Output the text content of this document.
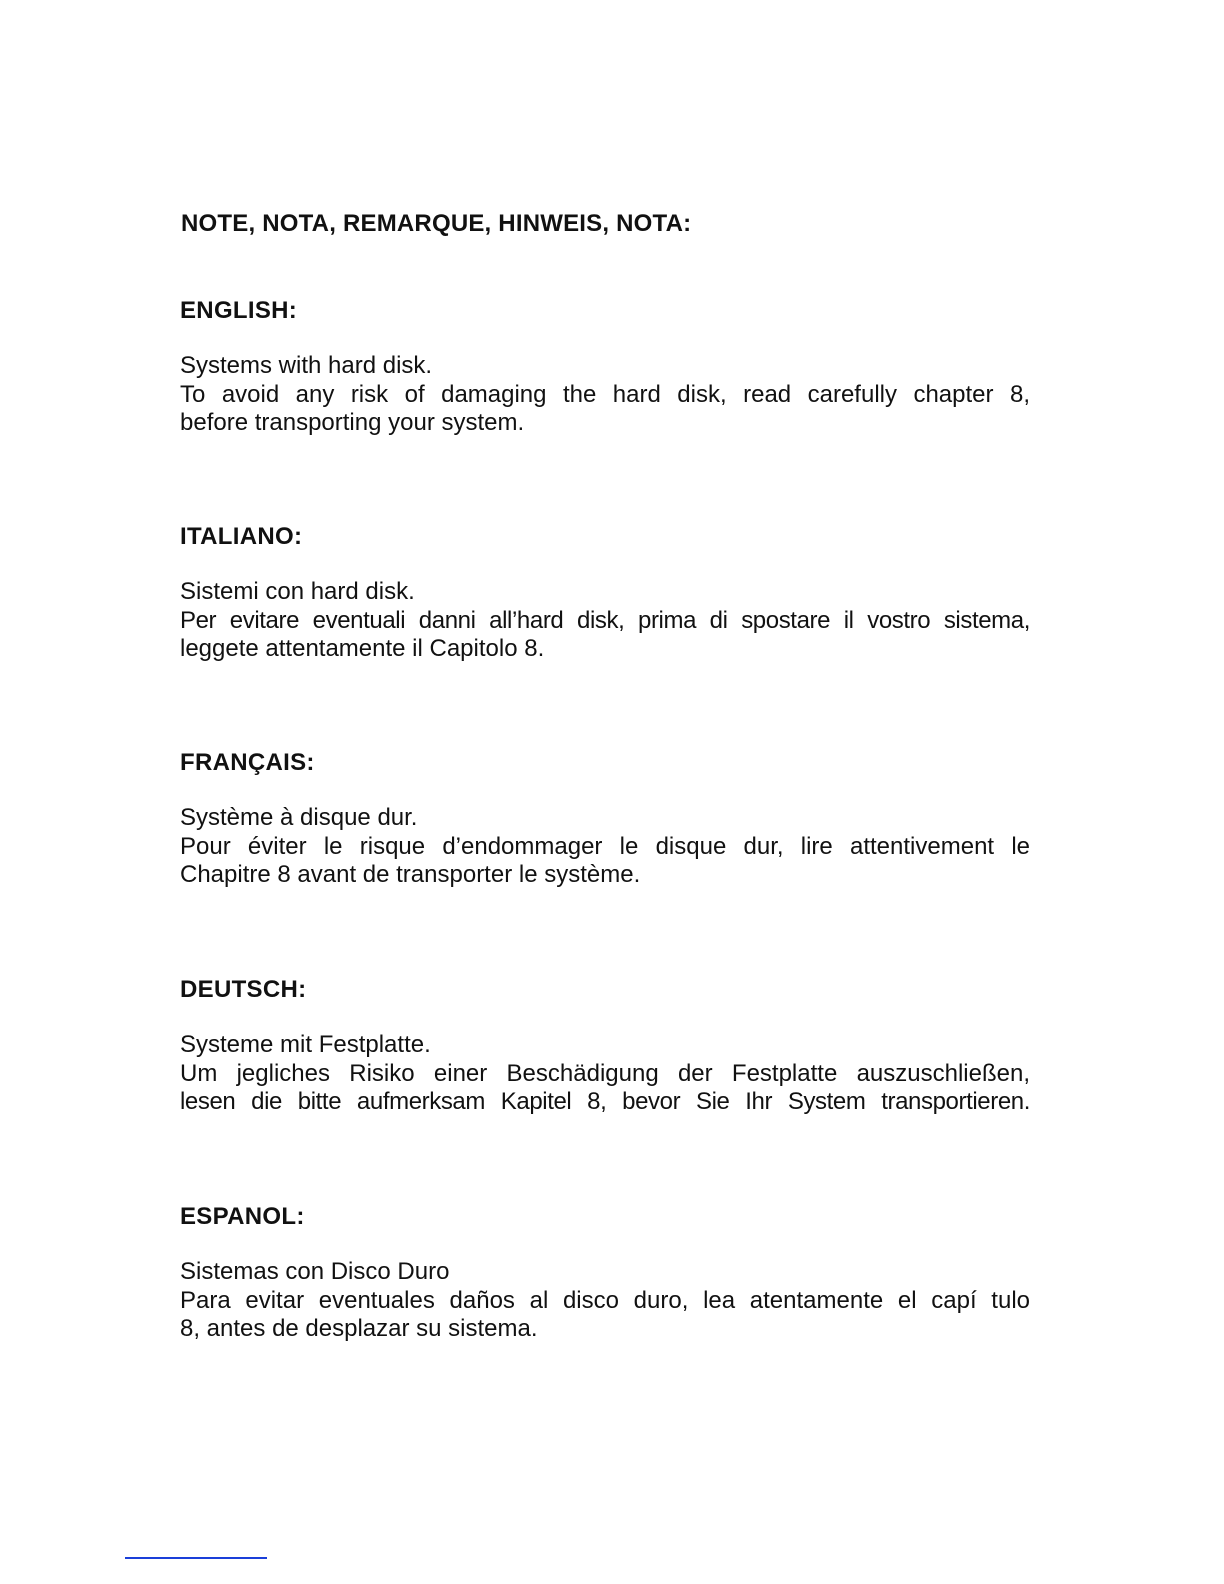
NOTE, NOTA, REMARQUE, HINWEIS, NOTA:
ENGLISH:

Systems with hard disk.
To avoid any risk of damaging the hard disk, read carefully chapter 8,
before transporting your system.

ITALIANO:

Sistemi con hard disk.
Per evitare eventuali danni all’hard disk, prima di spostare il vostro sistema,
leggete attentamente il Capitolo 8.

FRANÇAIS:

Système à disque dur.
Pour éviter le risque d’endommager le disque dur, lire attentivement le
Chapitre 8 avant de transporter le système.

DEUTSCH:

Systeme mit Festplatte.
Um jegliches Risiko einer Beschädigung der Festplatte auszuschließen,
lesen die bitte aufmerksam Kapitel 8, bevor Sie Ihr System transportieren.

ESPANOL:

Sistemas con Disco Duro
Para evitar eventuales daños al disco duro, lea atentamente el capí tulo
8, antes de desplazar su sistema.
